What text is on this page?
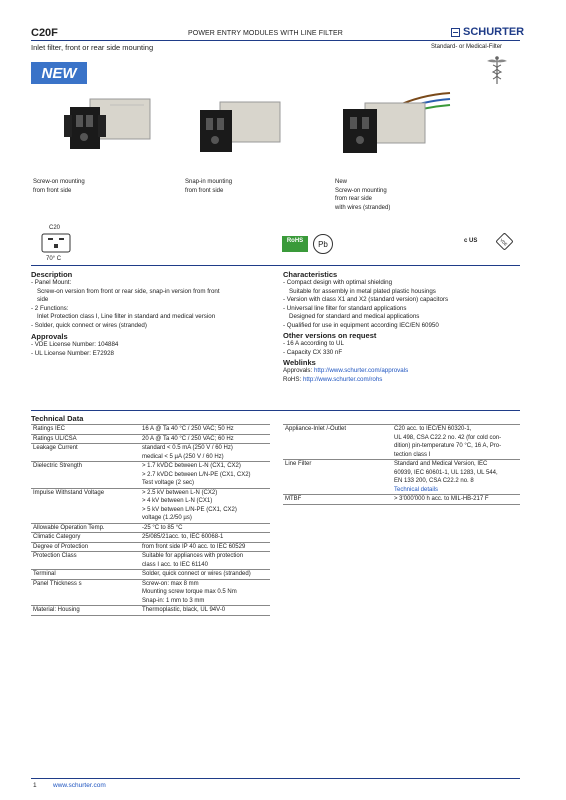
C20F	POWER ENTRY MODULES WITH LINE FILTER	SCHURTER
Inlet filter, front or rear side mounting	Standard- or Medical-Filter
NEW
Screw-on mounting
from front side
Snap-in mounting
from front side
New
Screw-on mounting
from rear side
with wires (stranded)
C20
70° C
RoHS	Pb	c US	VDE
Description
- Panel Mount:
Screw-on version from front or rear side, snap-in version from front
side
- 2 Functions:
Inlet Protection class I, Line filter in standard and medical version
- Solder, quick connect or wires (stranded)
Approvals
- VDE License Number: 104884
- UL License Number: E72928
Characteristics
- Compact design with optimal shielding
Suitable for assembly in metal plated plastic housings
- Version with class X1 and X2 (standard version) capacitors
- Universal line filter for standard applications
Designed for standard and medical applications
- Qualified for use in equipment according IEC/EN 60950
Other versions on request
- 16 A according to UL
- Capacity CX 330 nF
Weblinks
Approvals: http://www.schurter.com/approvals
RoHS: http://www.schurter.com/rohs
Technical Data
Ratings IEC	16 A @ Ta 40 °C / 250 VAC; 50 Hz

Ratings UL/CSA	20 A @ Ta 40 °C / 250 VAC; 60 Hz

Leakage Current	standard < 0.5 mA (250 V / 60 Hz)
medical < 5 µA (250 V / 60 Hz)

Dielectric Strength	> 1.7 kVDC between L-N (CX1, CX2)
> 2.7 kVDC between L/N-PE (CX1, CX2)
Test voltage (2 sec)

Impulse Withstand Voltage	> 2.5 kV between L-N (CX2)
> 4 kV between L-N (CX1)
> 5 kV between L/N-PE (CX1, CX2)
voltage (1.2/50 µs)

Allowable Operation Temp.	-25 °C to 85 °C

Climatic Category	25/085/21acc. to, IEC 60068-1

Degree of Protection	from front side IP 40 acc. to IEC 60529

Protection Class	Suitable for appliances with protection
class I acc. to IEC 61140

Terminal	Solder, quick connect or wires (stranded)

Panel Thickness s	Screw-on: max 8 mm
Mounting screw torque max 0.5 Nm
Snap-in: 1 mm to 3 mm

Material: Housing	Thermoplastic, black, UL 94V-0
Appliance-Inlet /-Outlet	C20 acc. to IEC/EN 60320-1,
UL 498, CSA C22.2 no. 42 (for cold con-
dition) pin-temperature 70 °C, 16 A, Pro-
tection class I

Line Filter	Standard and Medical Version, IEC
60939, IEC 60601-1, UL 1283, UL 544,
EN 133 200, CSA C22.2 no. 8
Technical details

MTBF	> 3'000'000 h acc. to MIL-HB-217 F
1	www.schurter.com
